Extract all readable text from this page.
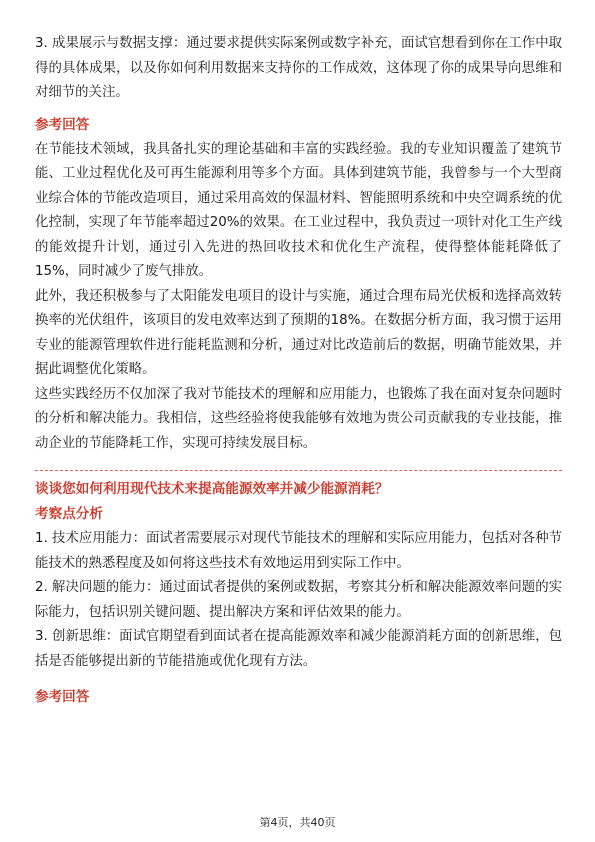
3. 成果展示与数据支撑：通过要求提供实际案例或数字补充，面试官想看到你在工作中取得的具体成果，以及你如何利用数据来支持你的工作成效，这体现了你的成果导向思维和对细节的关注。

参考回答

在节能技术领域，我具备扎实的理论基础和丰富的实践经验。我的专业知识覆盖了建筑节能、工业过程优化及可再生能源利用等多个方面。具体到建筑节能，我曾参与一个大型商业综合体的节能改造项目，通过采用高效的保温材料、智能照明系统和中央空调系统的优化控制，实现了年节能率超过20%的效果。在工业过程中，我负责过一项针对化工生产线的能效提升计划，通过引入先进的热回收技术和优化生产流程，使得整体能耗降低了15%，同时减少了废气排放。

此外，我还积极参与了太阳能发电项目的设计与实施，通过合理布局光伏板和选择高效转换率的光伏组件，该项目的发电效率达到了预期的18%。在数据分析方面，我习惯于运用专业的能源管理软件进行能耗监测和分析，通过对比改造前后的数据，明确节能效果，并据此调整优化策略。

这些实践经历不仅加深了我对节能技术的理解和应用能力，也锻炼了我在面对复杂问题时的分析和解决能力。我相信，这些经验将使我能够有效地为贵公司贡献我的专业技能，推动企业的节能降耗工作，实现可持续发展目标。

谈谈您如何利用现代技术来提高能源效率并减少能源消耗？

考察点分析

1. 技术应用能力：面试者需要展示对现代节能技术的理解和实际应用能力，包括对各种节能技术的熟悉程度及如何将这些技术有效地运用到实际工作中。

2. 解决问题的能力：通过面试者提供的案例或数据，考察其分析和解决能源效率问题的实际能力，包括识别关键问题、提出解决方案和评估效果的能力。

3. 创新思维：面试官期望看到面试者在提高能源效率和减少能源消耗方面的创新思维，包括是否能够提出新的节能措施或优化现有方法。

参考回答

第4页，共40页
